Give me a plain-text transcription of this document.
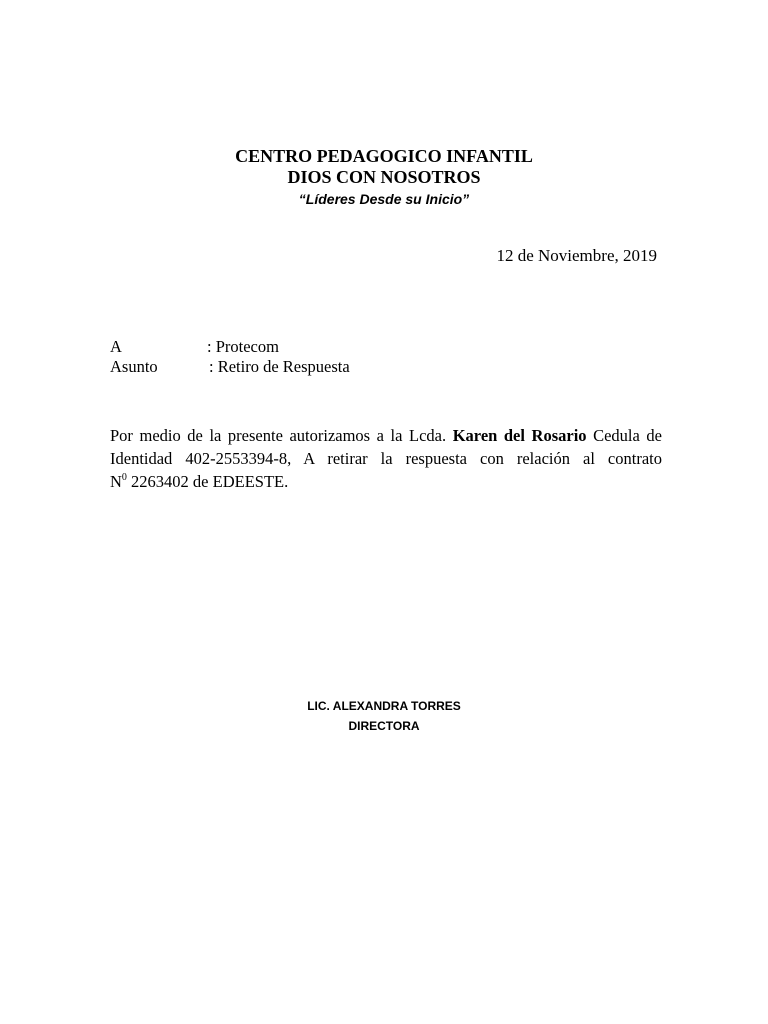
CENTRO PEDAGOGICO INFANTIL
DIOS CON NOSOTROS
“Líderes Desde su Inicio”
12 de Noviembre, 2019
A	: Protecom
Asunto	: Retiro de Respuesta
Por medio de la presente autorizamos a la Lcda. Karen del Rosario Cedula de Identidad 402-2553394-8, A retirar la respuesta con relación al contrato $N^0$ 2263402 de EDEESTE.
LIC. ALEXANDRA TORRES
DIRECTORA
